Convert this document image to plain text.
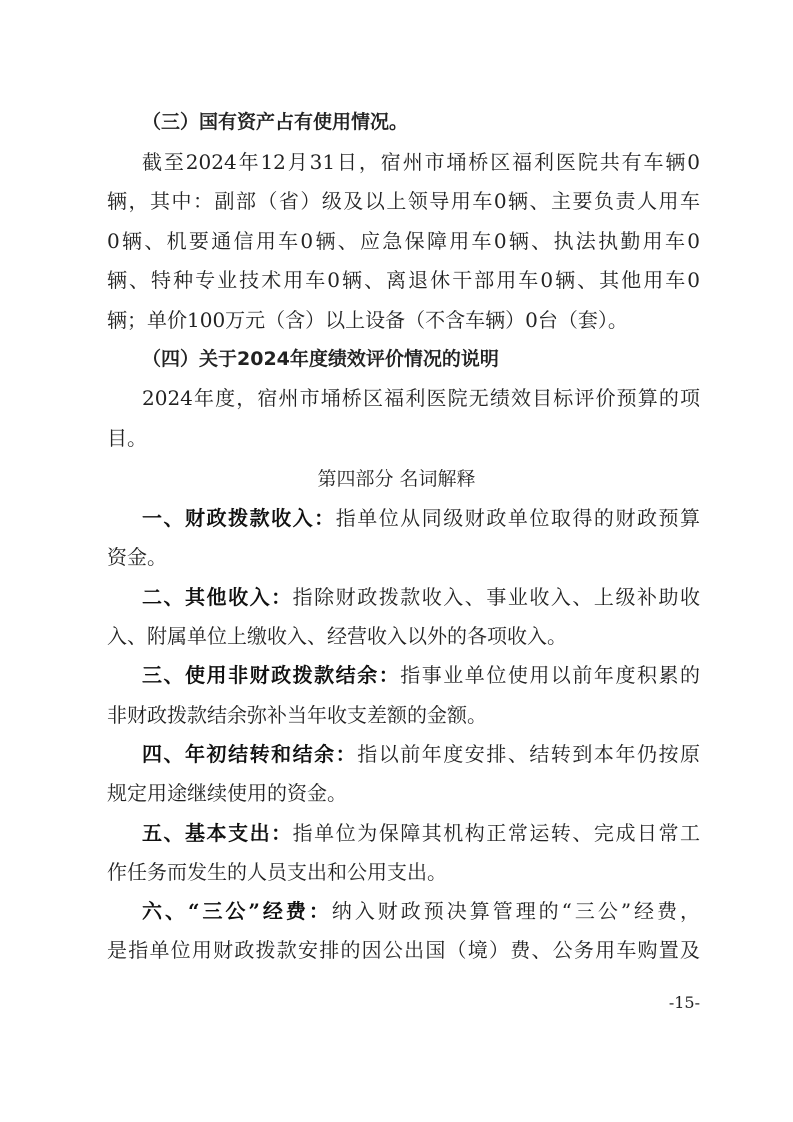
（三）国有资产占有使用情况。
截至2024年12月31日，宿州市埇桥区福利医院共有车辆0
辆，其中：副部（省）级及以上领导用车0辆、主要负责人用车
0辆、机要通信用车0辆、应急保障用车0辆、执法执勤用车0
辆、特种专业技术用车0辆、离退休干部用车0辆、其他用车0
辆；单价100万元（含）以上设备（不含车辆）0台（套）。
（四）关于2024年度绩效评价情况的说明
2024年度，宿州市埇桥区福利医院无绩效目标评价预算的项
目。
第四部分 名词解释
一、财政拨款收入：指单位从同级财政单位取得的财政预算
资金。
二、其他收入：指除财政拨款收入、事业收入、上级补助收
入、附属单位上缴收入、经营收入以外的各项收入。
三、使用非财政拨款结余：指事业单位使用以前年度积累的
非财政拨款结余弥补当年收支差额的金额。
四、年初结转和结余：指以前年度安排、结转到本年仍按原
规定用途继续使用的资金。
五、基本支出：指单位为保障其机构正常运转、完成日常工
作任务而发生的人员支出和公用支出。
六、“三公”经费：纳入财政预决算管理的“三公”经费，
是指单位用财政拨款安排的因公出国（境）费、公务用车购置及
-15-
